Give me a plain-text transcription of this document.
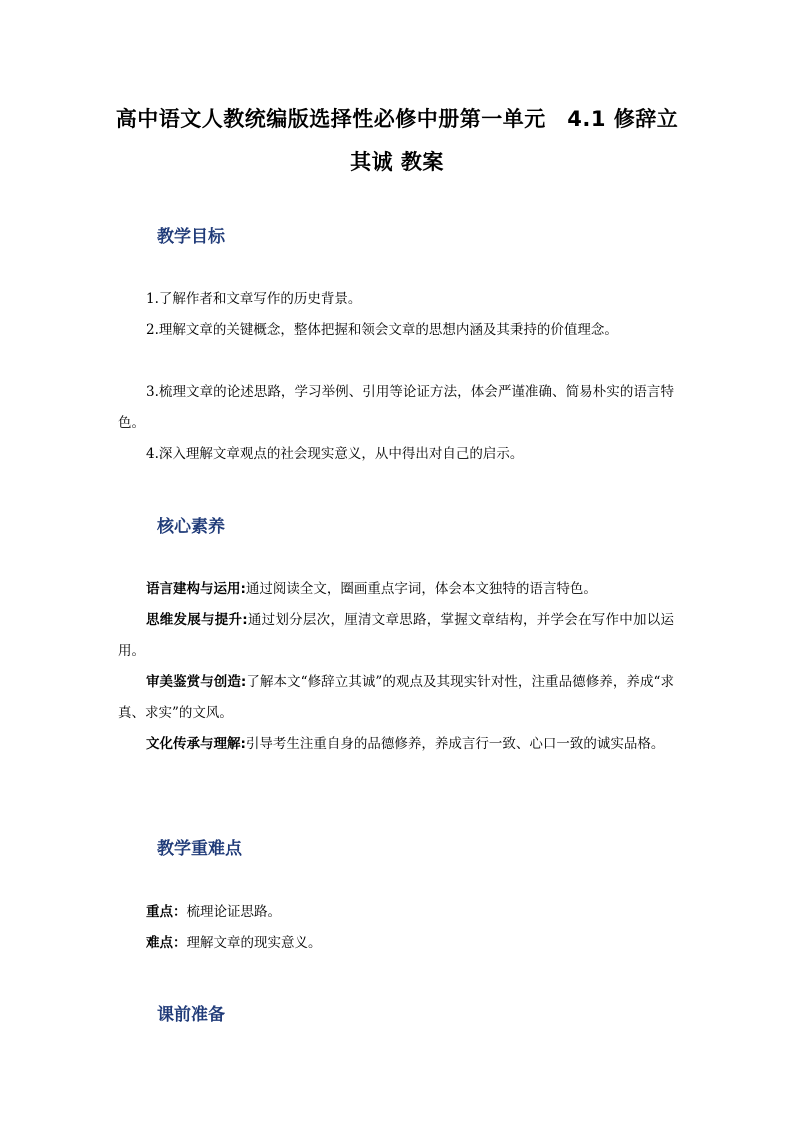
高中语文人教统编版选择性必修中册第一单元　4.1 修辞立
其诚 教案
教学目标
1.了解作者和文章写作的历史背景。
2.理解文章的关键概念，整体把握和领会文章的思想内涵及其秉持的价值理念。
3.梳理文章的论述思路，学习举例、引用等论证方法，体会严谨准确、简易朴实的语言特色。
4.深入理解文章观点的社会现实意义，从中得出对自己的启示。
核心素养
语言建构与运用:通过阅读全文，圈画重点字词，体会本文独特的语言特色。
思维发展与提升:通过划分层次，厘清文章思路，掌握文章结构，并学会在写作中加以运用。
审美鉴赏与创造:了解本文“修辞立其诚”的观点及其现实针对性，注重品德修养，养成“求真、求实”的文风。
文化传承与理解:引导考生注重自身的品德修养，养成言行一致、心口一致的诚实品格。
教学重难点
重点：梳理论证思路。
难点：理解文章的现实意义。
课前准备
